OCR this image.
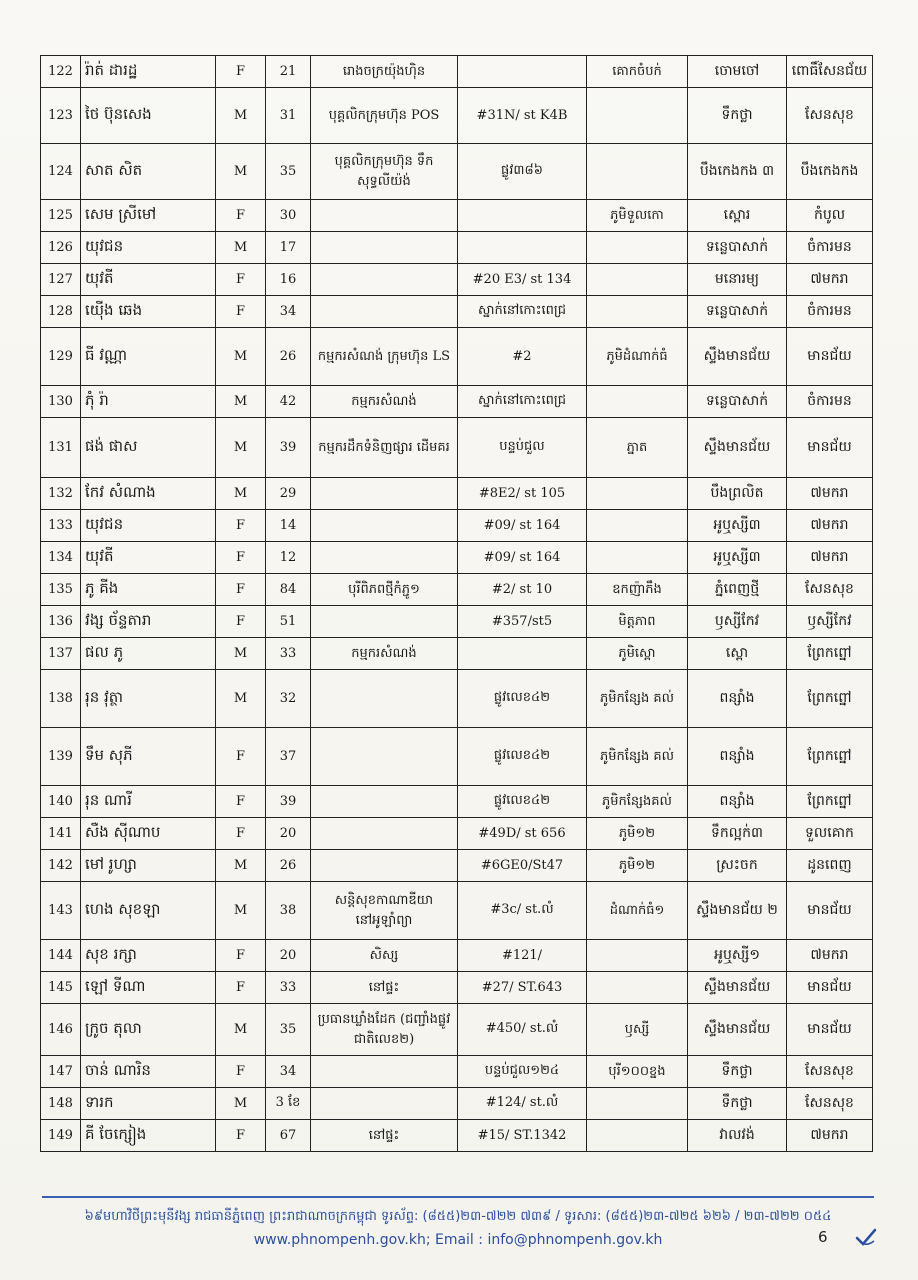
122	រ៉ាត់ ដារដ្ឋ	F	21	រោងចក្រយ៉ុងហ៊ិន		គោកចំបក់	ចោមចៅ	ពោធិ៍សែនជ័យ
123	ថៃ ប៊ុនសេង	M	31	បុគ្គលិកក្រុមហ៊ុន POS	#31N/ st K4B		ទឹកថ្លា	សែនសុខ
124	សាត សិត	M	35	បុគ្គលិកក្រុមហ៊ុន ទឹកសុទ្ធលីយ៉ង់	ផ្លូវ៣៨៦		បឹងកេងកង ៣	បឹងកេងកង
125	សេម ស្រីមៅ	F	30			ភូមិទួលកោ	ស្ពោរ	កំបូល
126	យុវជន	M	17				ទន្លេបាសាក់	ចំការមន
127	យុវតី	F	16		#20 E3/ st 134		មនោរម្យ	៧មករា
128	យ៉ើង ឆេង	F	34		ស្នាក់នៅកោះពេជ្រ		ទន្លេបាសាក់	ចំការមន
129	ធី វណ្ណា	M	26	កម្មករសំណង់ ក្រុមហ៊ុន LS	#2	ភូមិដំណាក់ធំ	ស្ទឹងមានជ័យ	មានជ័យ
130	ភុំ រ៉ា	M	42	កម្មករសំណង់	ស្នាក់នៅកោះពេជ្រ		ទន្លេបាសាក់	ចំការមន
131	ផង់ ផាស	M	39	កម្មករដឹកទំនិញផ្សារ ដើមគរ	បន្ទប់ជួល	ភ្នាត	ស្ទឹងមានជ័យ	មានជ័យ
132	កែវ សំណាង	M	29		#8E2/ st 105		បឹងព្រលិត	៧មករា
133	យុវជន	F	14		#09/ st 164		អូឬស្សី៣	៧មករា
134	យុវតី	F	12		#09/ st 164		អូឬស្សី៣	៧មករា
135	ភូ គីង	F	84	បុរីពិភពថ្មីកំភ្ជូ១	#2/ st 10	ឧកញ៉ាភឹង	ភ្នំពេញថ្មី	សែនសុខ
136	វង្ស ច័ន្ទតារា	F	51		#357/st5	មិត្តភាព	ឫស្សីកែវ	ឫស្សីកែវ
137	ផល ភូ	M	33	កម្មករសំណង់		ភូមិស្ពោ	ស្ពោ	ព្រែកព្នៅ
138	រុន វុត្ថា	M	32		ផ្លូវលេខ៤២	ភូមិកន្សែង គល់	ពន្សាំង	ព្រែកព្នៅ
139	ទឹម សុភី	F	37		ផ្លូវលេខ៤២	ភូមិកន្សែង គល់	ពន្សាំង	ព្រែកព្នៅ
140	រុន ណារី	F	39		ផ្លូវលេខ៤២	ភូមិកន្សែងគល់	ពន្សាំង	ព្រែកព្នៅ
141	សឺង ស៊ីណាប	F	20		#49D/ st 656	ភូមិ១២	ទឹកល្អក់៣	ទួលគោក
142	មៅ រូហ្សា	M	26		#6GE0/St47	ភូមិ១២	ស្រះចក	ដូនពេញ
143	ហេង សុខឡា	M	38	សន្តិសុខកាណាឌីយា នៅអូឡាំព្យា	#3c/ st.លំ	ដំណាក់ធំ១	ស្ទឹងមានជ័យ ២	មានជ័យ
144	សុខ រក្សា	F	20	សិស្ស	#121/		អូឬស្សី១	៧មករា
145	ឡៅ ទីណា	F	33	នៅផ្ទះ	#27/ ST.643		ស្ទឹងមានជ័យ	មានជ័យ
146	ក្រូច តុលា	M	35	ប្រធានឃ្លាំងដែក (ជញ្ជាំងផ្លូវជាតិលេខ២)	#450/ st.លំ	ឫស្សី	ស្ទឹងមានជ័យ	មានជ័យ
147	ចាន់ ណារិន	F	34		បន្ទប់ជួល១២៤	បុរី១០០ខ្នង	ទឹកថ្លា	សែនសុខ
148	ទារក	M	3 ខែ		#124/ st.លំ		ទឹកថ្លា	សែនសុខ
149	គី ចែក្សៀង	F	67	នៅផ្ទះ	#15/ ST.1342		វាលវង់	៧មករា
៦៩មហាវិថីព្រះមុនីវង្ស រាជធានីភ្នំពេញ ព្រះរាជាណាចក្រកម្ពុជា ទូរស័ព្ទ: (៨៥៥)២៣-៧២២ ៧៣៩ / ទូរសារ: (៨៥៥)២៣-៧២៥ ៦២៦ / ២៣-៧២២ ០៥៤
www.phnompenh.gov.kh; Email : info@phnompenh.gov.kh	6
